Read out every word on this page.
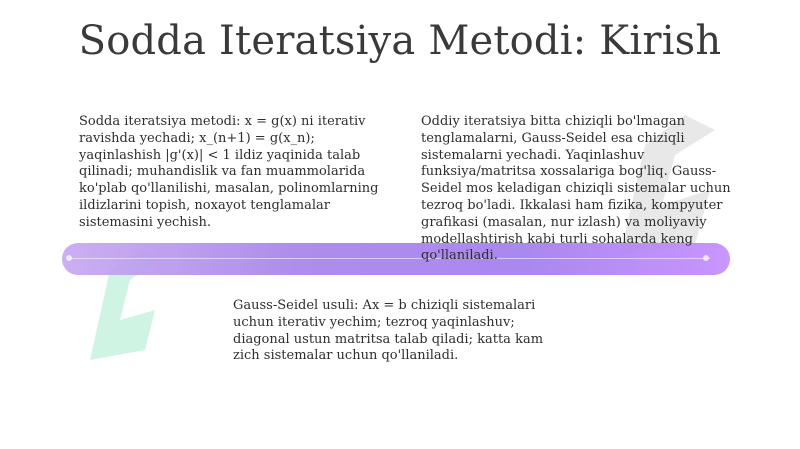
Sodda Iteratsiya Metodi: Kirish
Sodda iteratsiya metodi: x = g(x) ni iterativ ravishda yechadi; x_(n+1) = g(x_n); yaqinlashish |g'(x)| < 1 ildiz yaqinida talab qilinadi; muhandislik va fan muammolarida ko'plab qo'llanilishi, masalan, polinomlarning ildizlarini topish, noxayot tenglamalar sistemasini yechish.
Oddiy iteratsiya bitta chiziqli bo'lmagan tenglamalarni, Gauss-Seidel esa chiziqli sistemalarni yechadi. Yaqinlashuv funksiya/matritsa xossalariga bog'liq. Gauss-Seidel mos keladigan chiziqli sistemalar uchun tezroq bo'ladi. Ikkalasi ham fizika, kompyuter grafikasi (masalan, nur izlash) va moliyaviy modellashtirish kabi turli sohalarda keng qo'llaniladi.
Gauss-Seidel usuli: Ax = b chiziqli sistemalari uchun iterativ yechim; tezroq yaqinlashuv; diagonal ustun matritsa talab qiladi; katta kam zich sistemalar uchun qo'llaniladi.
